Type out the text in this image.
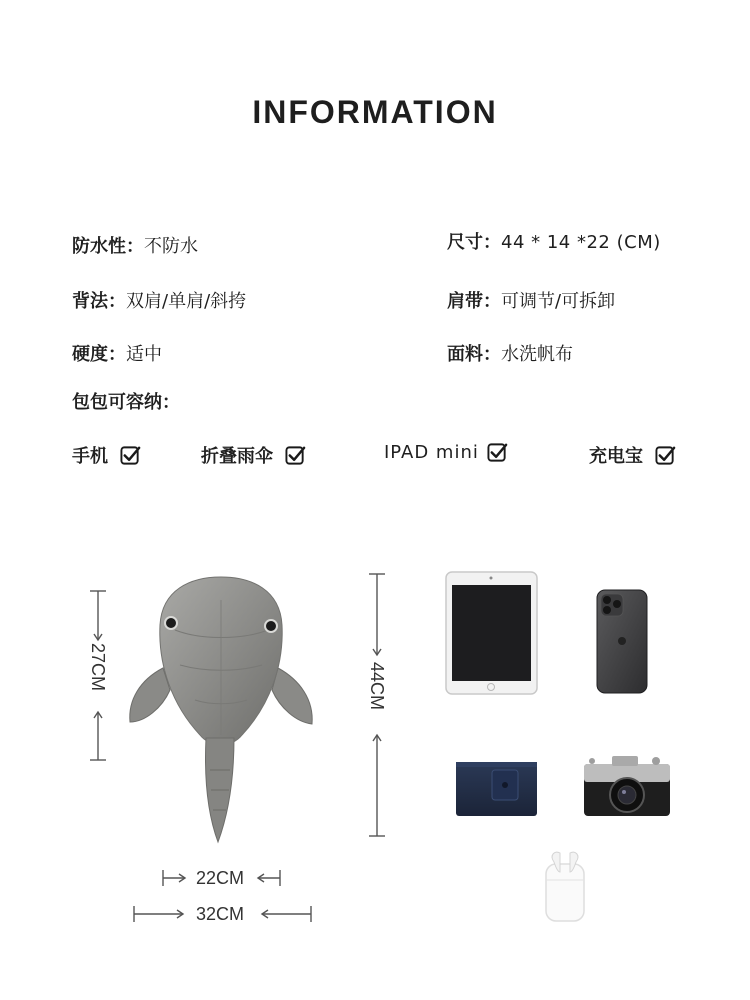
INFORMATION
防水性：不防水	尺寸：44 * 14 *22 (CM)
背法：双肩/单肩/斜挎	肩带：可调节/可拆卸
硬度：适中	面料：水洗帆布
包包可容纳：
手机	折叠雨伞	IPAD mini	充电宝
27CM	44CM
22CM
32CM
